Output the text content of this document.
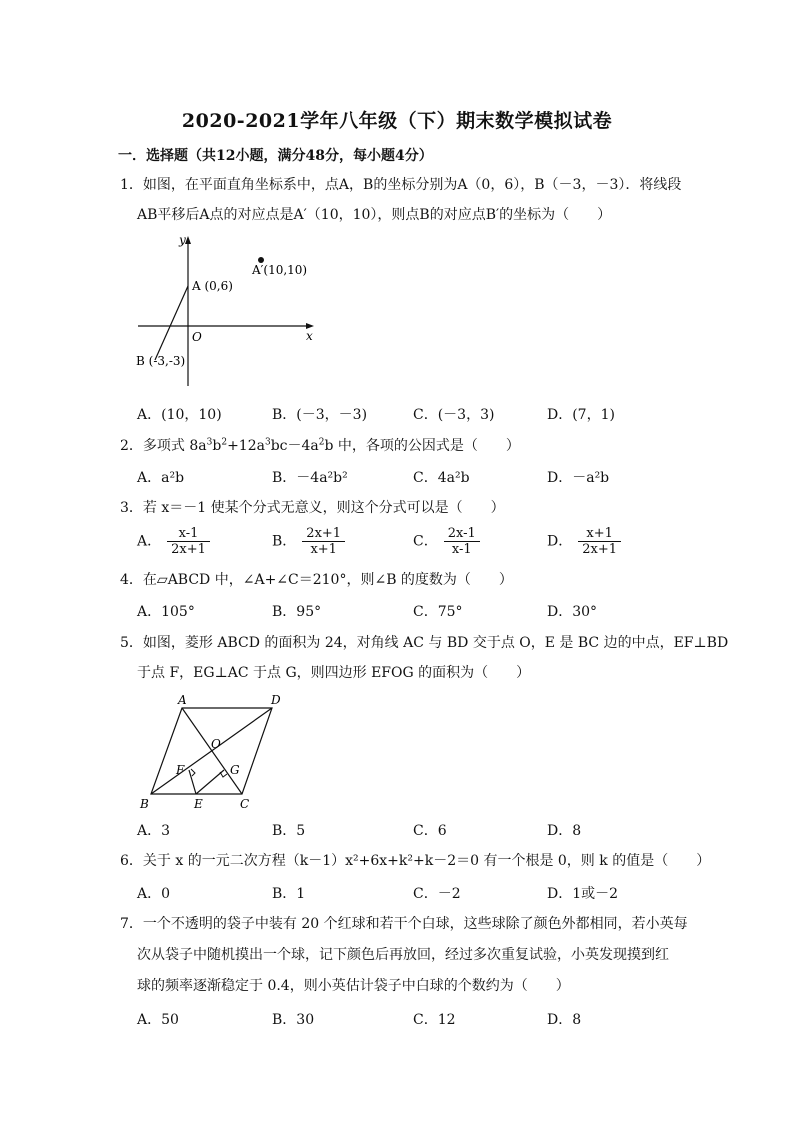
2020-2021学年八年级（下）期末数学模拟试卷
一．选择题（共12小题，满分48分，每小题4分）
1．如图，在平面直角坐标系中，点A，B的坐标分别为A（0，6），B（－3，－3）．将线段
AB平移后A点的对应点是A′（10，10），则点B的对应点B′的坐标为（　　）
y
x
O
A (0,6)
B (-3,-3)
A′(10,10)
A．(10，10)	B．(－3，－3)	C．(－3，3)	D．(7，1)
2．多项式 $8a^3b^2+12a^3bc-4a^2b$ 中，各项的公因式是（　　）
A．a²b	B．－4a²b²	C．4a²b	D．－a²b
3．若 x＝－1 使某个分式无意义，则这个分式可以是（　　）
A． $\frac{x-1}{2x+1}$	B． $\frac{2x+1}{x+1}$	C． $\frac{2x-1}{x-1}$	D． $\frac{x+1}{2x+1}$
4．在▱ABCD 中，∠A+∠C＝210°，则∠B 的度数为（　　）
A．105°	B．95°	C．75°	D．30°
5．如图，菱形 ABCD 的面积为 24，对角线 AC 与 BD 交于点 O，E 是 BC 边的中点，EF⊥BD
于点 F，EG⊥AC 于点 G，则四边形 EFOG 的面积为（　　）
A	D
O
F	G
B	E	C
A．3	B．5	C．6	D．8
6．关于 x 的一元二次方程（k－1）x²+6x+k²+k－2＝0 有一个根是 0，则 k 的值是（　　）
A．0	B．1	C．－2	D．1或－2
7．一个不透明的袋子中装有 20 个红球和若干个白球，这些球除了颜色外都相同，若小英每
次从袋子中随机摸出一个球，记下颜色后再放回，经过多次重复试验，小英发现摸到红
球的频率逐渐稳定于 0.4，则小英估计袋子中白球的个数约为（　　）
A．50	B．30	C．12	D．8
